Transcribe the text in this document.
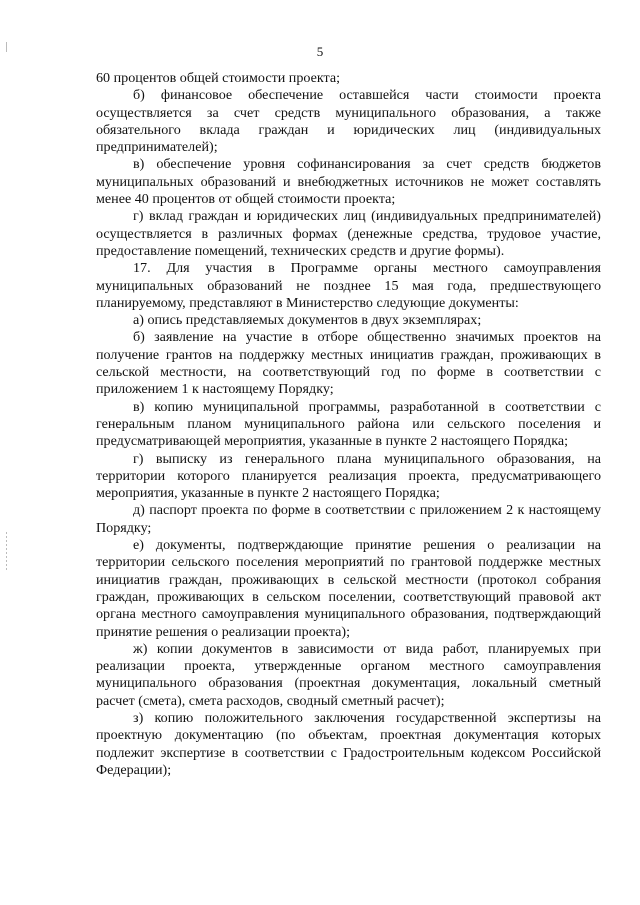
5

60 процентов общей стоимости проекта;

б) финансовое обеспечение оставшейся части стоимости проекта осуществляется за счет средств муниципального образования, а также обязательного вклада граждан и юридических лиц (индивидуальных предпринимателей);

в) обеспечение уровня софинансирования за счет средств бюджетов муниципальных образований и внебюджетных источников не может составлять менее 40 процентов от общей стоимости проекта;

г) вклад граждан и юридических лиц (индивидуальных предпринимателей) осуществляется в различных формах (денежные средства, трудовое участие, предоставление помещений, технических средств и другие формы).

17. Для участия в Программе органы местного самоуправления муниципальных образований не позднее 15 мая года, предшествующего планируемому, представляют в Министерство следующие документы:

а) опись представляемых документов в двух экземплярах;

б) заявление на участие в отборе общественно значимых проектов на получение грантов на поддержку местных инициатив граждан, проживающих в сельской местности, на соответствующий год по форме в соответствии с приложением 1 к настоящему Порядку;

в) копию муниципальной программы, разработанной в соответствии с генеральным планом муниципального района или сельского поселения и предусматривающей мероприятия, указанные в пункте 2 настоящего Порядка;

г) выписку из генерального плана муниципального образования, на территории которого планируется реализация проекта, предусматривающего мероприятия, указанные в пункте 2 настоящего Порядка;

д) паспорт проекта по форме в соответствии с приложением 2 к настоящему Порядку;

е) документы, подтверждающие принятие решения о реализации на территории сельского поселения мероприятий по грантовой поддержке местных инициатив граждан, проживающих в сельской местности (протокол собрания граждан, проживающих в сельском поселении, соответствующий правовой акт органа местного самоуправления муниципального образования, подтверждающий принятие решения о реализации проекта);

ж) копии документов в зависимости от вида работ, планируемых при реализации проекта, утвержденные органом местного самоуправления муниципального образования (проектная документация, локальный сметный расчет (смета), смета расходов, сводный сметный расчет);

з) копию положительного заключения государственной экспертизы на проектную документацию (по объектам, проектная документация которых подлежит экспертизе в соответствии с Градостроительным кодексом Российской Федерации);
